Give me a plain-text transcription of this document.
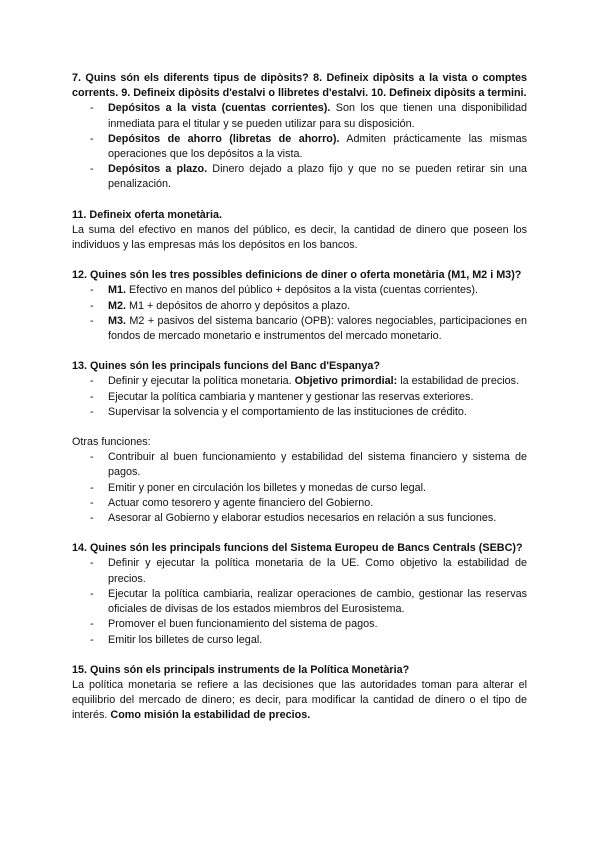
7. Quins són els diferents tipus de dipòsits? 8. Defineix dipòsits a la vista o comptes corrents. 9. Defineix dipòsits d'estalvi o llibretes d'estalvi. 10. Defineix dipòsits a termini.

- Depósitos a la vista (cuentas corrientes). Son los que tienen una disponibilidad inmediata para el titular y se pueden utilizar para su disposición.
- Depósitos de ahorro (libretas de ahorro). Admiten prácticamente las mismas operaciones que los depósitos a la vista.
- Depósitos a plazo. Dinero dejado a plazo fijo y que no se pueden retirar sin una penalización.

11. Defineix oferta monetària.

La suma del efectivo en manos del público, es decir, la cantidad de dinero que poseen los individuos y las empresas más los depósitos en los bancos.

12. Quines són les tres possibles definicions de diner o oferta monetària (M1, M2 i M3)?

- M1. Efectivo en manos del público + depósitos a la vista (cuentas corrientes).
- M2. M1 + depósitos de ahorro y depósitos a plazo.
- M3. M2 + pasivos del sistema bancario (OPB): valores negociables, participaciones en fondos de mercado monetario e instrumentos del mercado monetario.

13. Quines són les principals funcions del Banc d'Espanya?

- Definir y ejecutar la política monetaria. Objetivo primordial: la estabilidad de precios.
- Ejecutar la política cambiaria y mantener y gestionar las reservas exteriores.
- Supervisar la solvencia y el comportamiento de las instituciones de crédito.

Otras funciones:

- Contribuir al buen funcionamiento y estabilidad del sistema financiero y sistema de pagos.
- Emitir y poner en circulación los billetes y monedas de curso legal.
- Actuar como tesorero y agente financiero del Gobierno.
- Asesorar al Gobierno y elaborar estudios necesarios en relación a sus funciones.

14. Quines són les principals funcions del Sistema Europeu de Bancs Centrals (SEBC)?

- Definir y ejecutar la política monetaria de la UE. Como objetivo la estabilidad de precios.
- Ejecutar la política cambiaria, realizar operaciones de cambio, gestionar las reservas oficiales de divisas de los estados miembros del Eurosistema.
- Promover el buen funcionamiento del sistema de pagos.
- Emitir los billetes de curso legal.

15. Quins són els principals instruments de la Política Monetària?

La política monetaria se refiere a las decisiones que las autoridades toman para alterar el equilibrio del mercado de dinero; es decir, para modificar la cantidad de dinero o el tipo de interés. Como misión la estabilidad de precios.
